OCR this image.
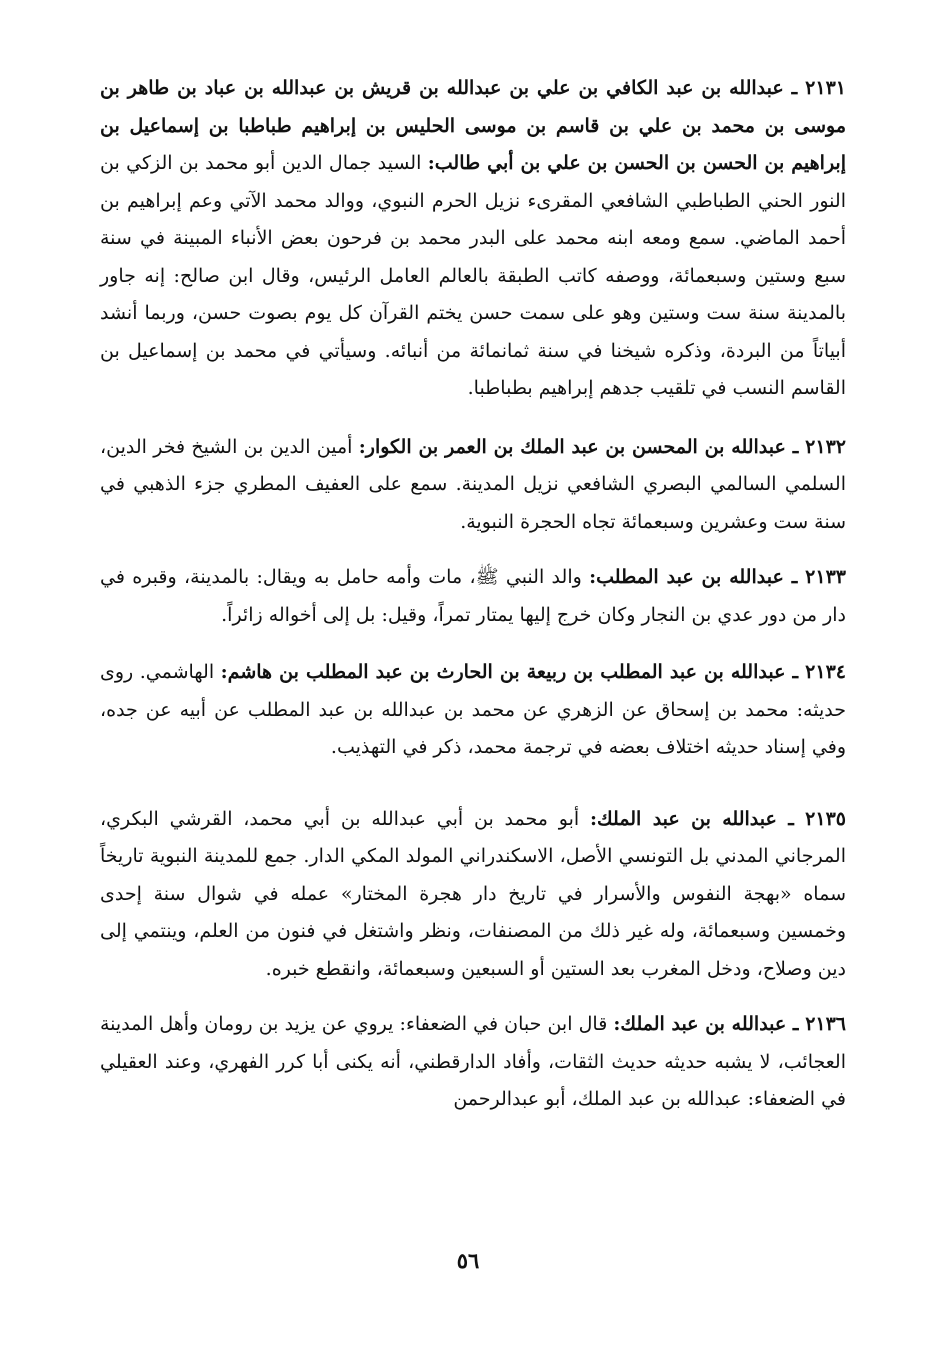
٢١٣١ ـ عبدالله بن عبد الكافي بن علي بن عبدالله بن قريش بن عبدالله بن عباد بن طاهر بن موسى بن محمد بن علي بن قاسم بن موسى الحليس بن إبراهيم طباطبا بن إسماعيل بن إبراهيم بن الحسن بن الحسن بن علي بن أبي طالب: السيد جمال الدين أبو محمد بن الزكي بن النور الحني الطباطبي الشافعي المقرىء نزيل الحرم النبوي، ووالد محمد الآتي وعم إبراهيم بن أحمد الماضي. سمع ومعه ابنه محمد على البدر محمد بن فرحون بعض الأنباء المبينة في سنة سبع وستين وسبعمائة، ووصفه كاتب الطبقة بالعالم العامل الرئيس، وقال ابن صالح: إنه جاور بالمدينة سنة ست وستين وهو على سمت حسن يختم القرآن كل يوم بصوت حسن، وربما أنشد أبياتاً من البردة، وذكره شيخنا في سنة ثمانمائة من أنبائه. وسيأتي في محمد بن إسماعيل بن القاسم النسب في تلقيب جدهم إبراهيم بطباطبا.

٢١٣٢ ـ عبدالله بن المحسن بن عبد الملك بن العمر بن الكوار: أمين الدين بن الشيخ فخر الدين، السلمي السالمي البصري الشافعي نزيل المدينة. سمع على العفيف المطري جزء الذهبي في سنة ست وعشرين وسبعمائة تجاه الحجرة النبوية.

٢١٣٣ ـ عبدالله بن عبد المطلب: والد النبي ﷺ، مات وأمه حامل به ويقال: بالمدينة، وقبره في دار من دور عدي بن النجار وكان خرج إليها يمتار تمراً، وقيل: بل إلى أخواله زائراً.

٢١٣٤ ـ عبدالله بن عبد المطلب بن ربيعة بن الحارث بن عبد المطلب بن هاشم: الهاشمي. روى حديثه: محمد بن إسحاق عن الزهري عن محمد بن عبدالله بن عبد المطلب عن أبيه عن جده، وفي إسناد حديثه اختلاف بعضه في ترجمة محمد، ذكر في التهذيب.

٢١٣٥ ـ عبدالله بن عبد الملك: أبو محمد بن أبي عبدالله بن أبي محمد، القرشي البكري، المرجاني المدني بل التونسي الأصل، الاسكندراني المولد المكي الدار. جمع للمدينة النبوية تاريخاً سماه «بهجة النفوس والأسرار في تاريخ دار هجرة المختار» عمله في شوال سنة إحدى وخمسين وسبعمائة، وله غير ذلك من المصنفات، ونظر واشتغل في فنون من العلم، وينتمي إلى دين وصلاح، ودخل المغرب بعد الستين أو السبعين وسبعمائة، وانقطع خبره.

٢١٣٦ ـ عبدالله بن عبد الملك: قال ابن حبان في الضعفاء: يروي عن يزيد بن رومان وأهل المدينة العجائب، لا يشبه حديثه حديث الثقات، وأفاد الدارقطني، أنه يكنى أبا كرر الفهري، وعند العقيلي في الضعفاء: عبدالله بن عبد الملك، أبو عبدالرحمن

٥٦
